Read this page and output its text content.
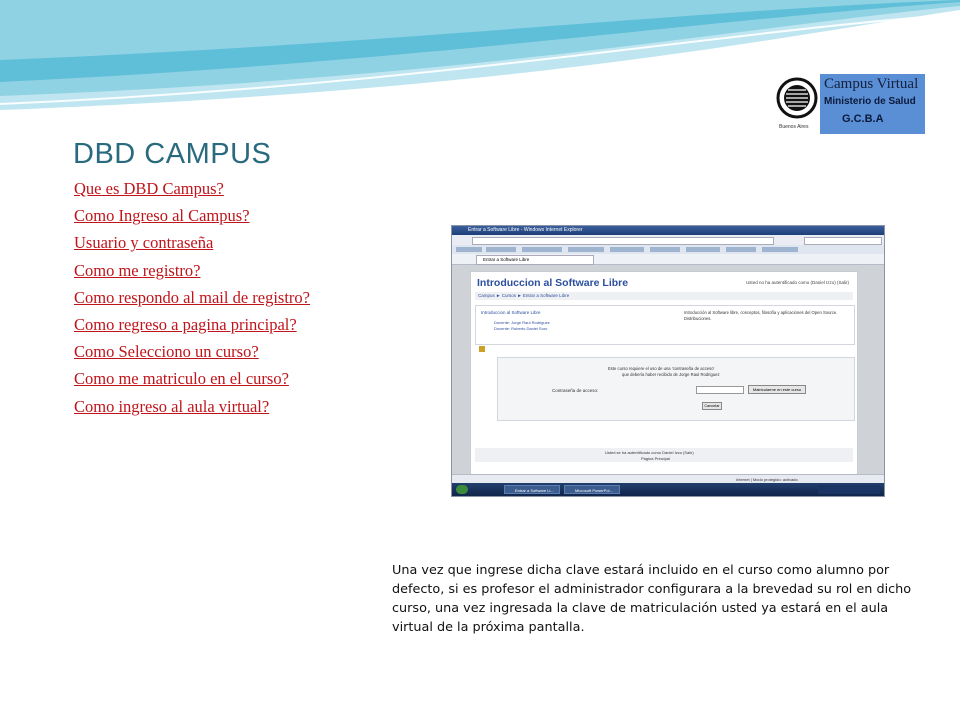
Buenos Aires
Campus Virtual
Ministerio de Salud
G.C.B.A
DBD CAMPUS
Que es DBD Campus?
Como Ingreso al Campus?
Usuario y contraseña
Como me registro?
Como respondo al mail de registro?
Como regreso a pagina principal?
Como Selecciono un curso?
Como me matriculo en el curso?
Como ingreso al aula virtual?
Entrar a Software Libre - Windows Internet Explorer
Entrar a Software Libre
Introduccion al Software Libre	Usted no ha autentificado como (Daniel Izzo) (Salir)
Campus ► Cursos ► Entrar a Software Libre
Introduccion al Software Libre
Docente: Jorge Raul Rodriguez
Docente: Roberto Daniel Soro
Introducción al Software libre, conceptos, filosofía y aplicaciones del Open Source. Distribuciones.
Este curso requiere el uso de una 'contraseña de acceso'
que debería haber recibido de Jorge Raul Rodriguez
Contraseña de acceso:	Matricularme en este curso
Cancelar
Usted se ha autentificado como Daniel Izzo (Salir)
Página Principal
Internet | Modo protegido: activado
Entrar a Software Li...	Microsoft PowerPoi...
Una vez que ingrese dicha clave estará incluido en el curso como alumno por defecto, si es profesor el administrador configurara a la brevedad su rol en dicho curso, una vez ingresada la clave de matriculación usted ya estará en el aula virtual de la próxima pantalla.
